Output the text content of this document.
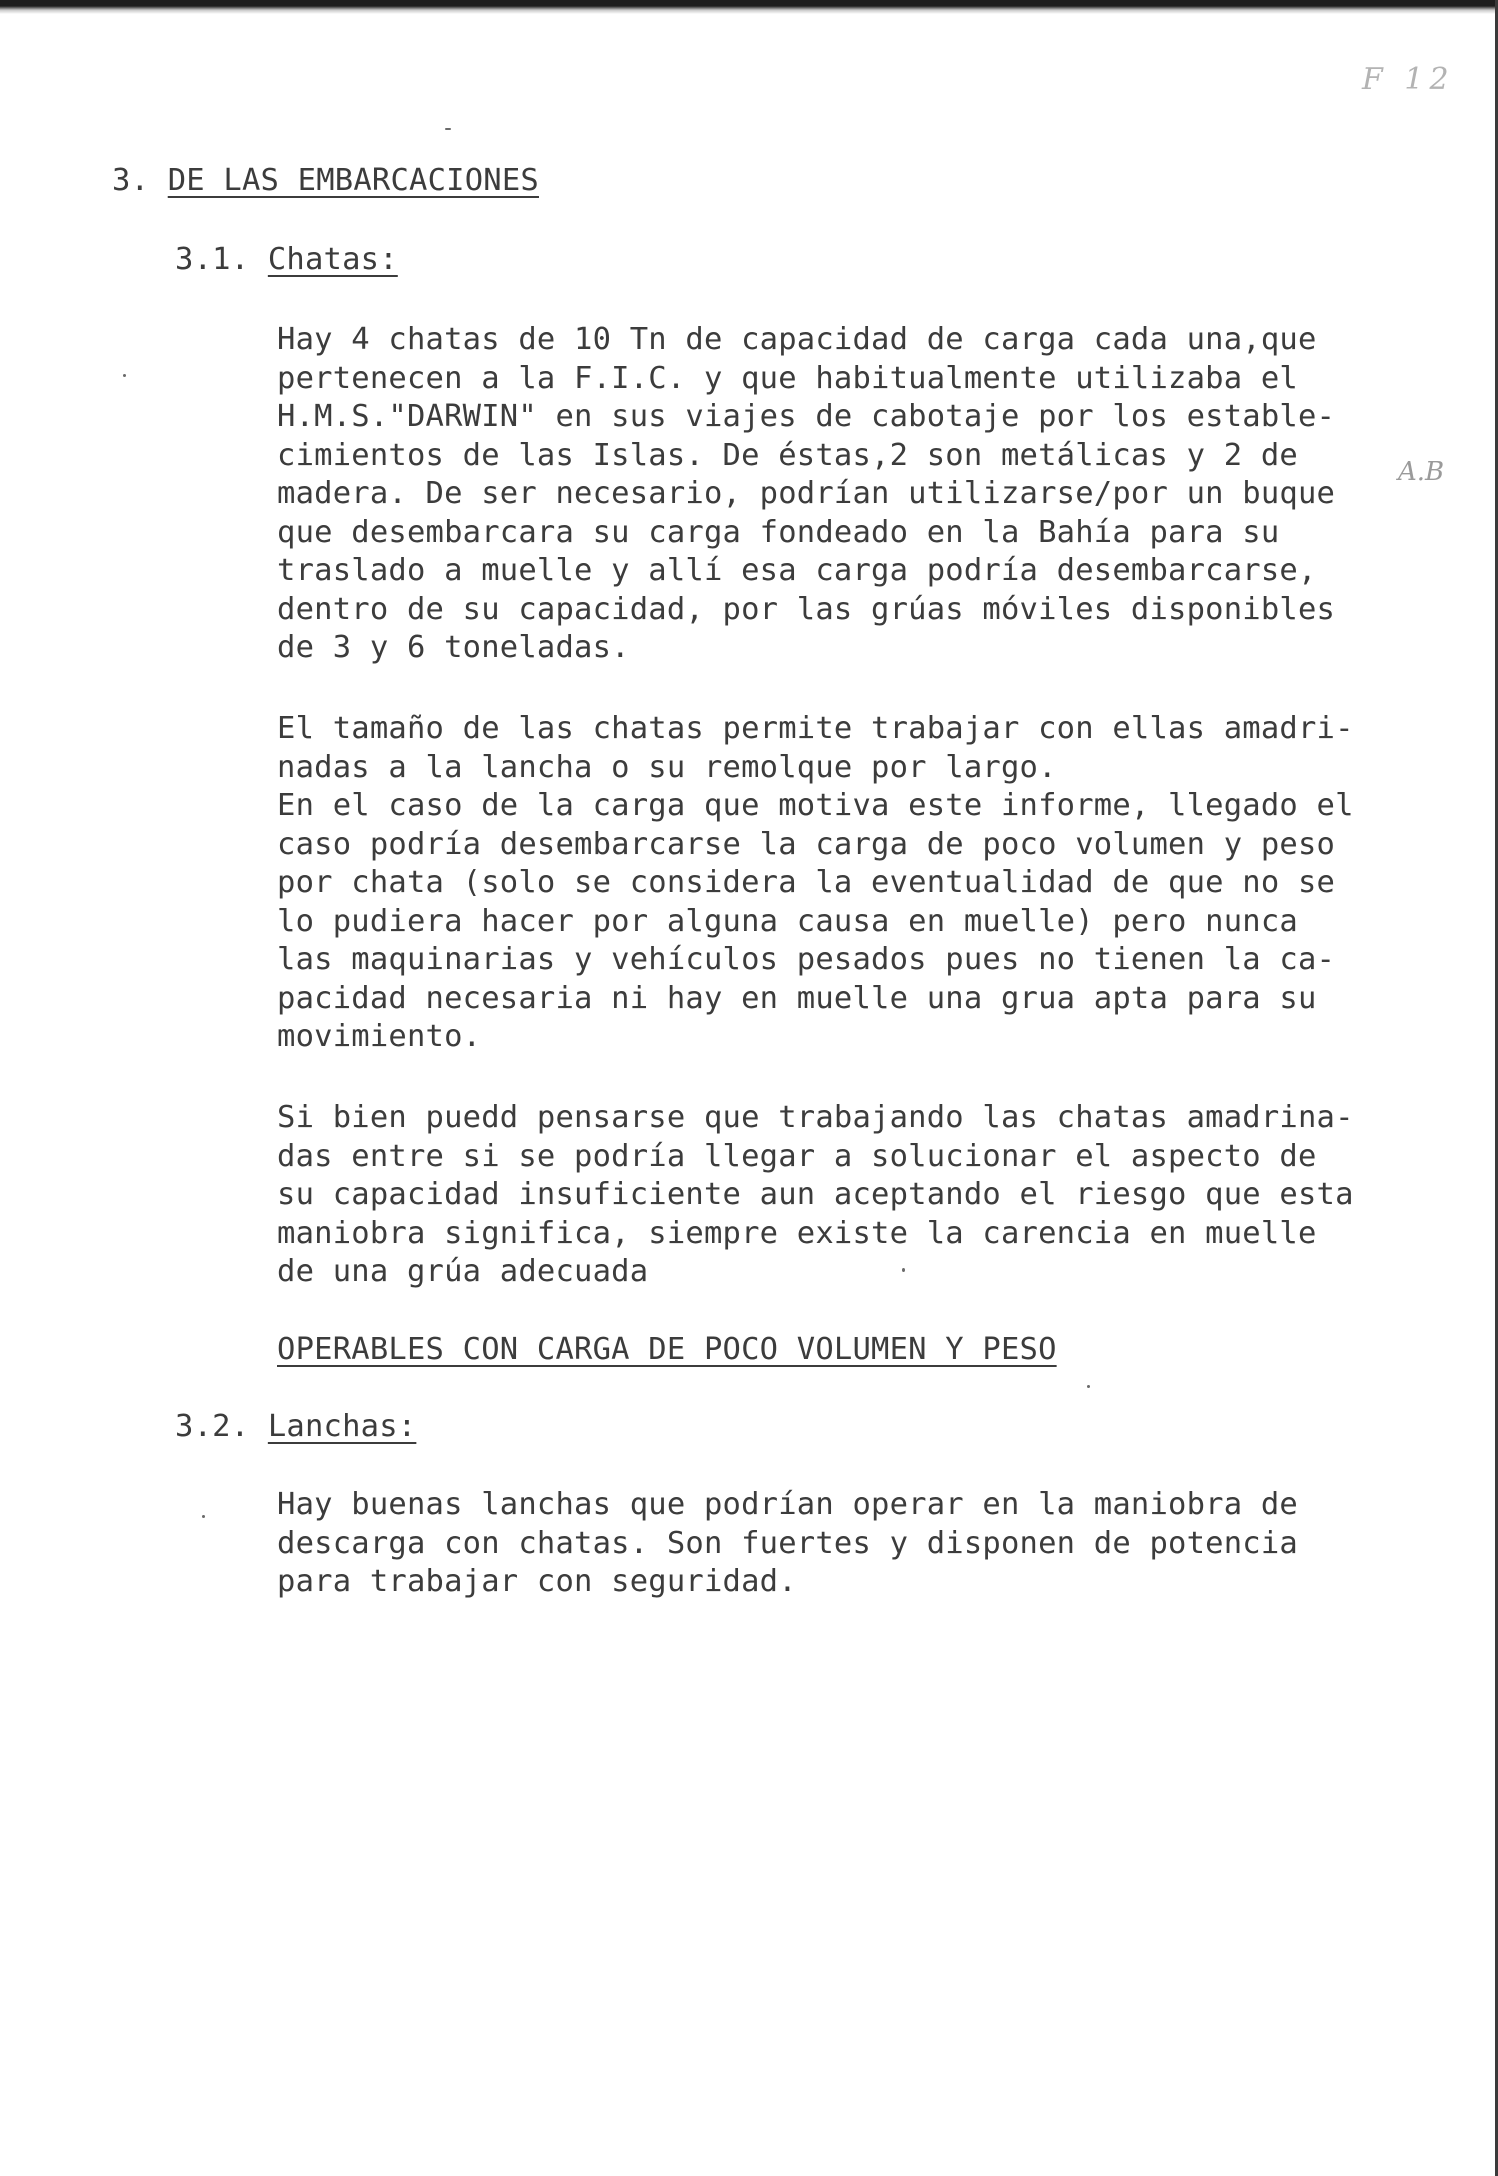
F 12
3. DE LAS EMBARCACIONES
3.1. Chatas:
Hay 4 chatas de 10 Tn de capacidad de carga cada una,que
pertenecen a la F.I.C. y que habitualmente utilizaba el
H.M.S."DARWIN" en sus viajes de cabotaje por los estable-
cimientos de las Islas. De éstas,2 son metálicas y 2 de
madera. De ser necesario, podrían utilizarse/por un buque
que desembarcara su carga fondeado en la Bahía para su
traslado a muelle y allí esa carga podría desembarcarse,
dentro de su capacidad, por las grúas móviles disponibles
de 3 y 6 toneladas.
A.B
El tamaño de las chatas permite trabajar con ellas amadri-
nadas a la lancha o su remolque por largo.
En el caso de la carga que motiva este informe, llegado el
caso podría desembarcarse la carga de poco volumen y peso
por chata (solo se considera la eventualidad de que no se
lo pudiera hacer por alguna causa en muelle) pero nunca
las maquinarias y vehículos pesados pues no tienen la ca-
pacidad necesaria ni hay en muelle una grua apta para su
movimiento.
Si bien puedd pensarse que trabajando las chatas amadrina-
das entre si se podría llegar a solucionar el aspecto de
su capacidad insuficiente aun aceptando el riesgo que esta
maniobra significa, siempre existe la carencia en muelle
de una grúa adecuada
OPERABLES CON CARGA DE POCO VOLUMEN Y PESO
3.2. Lanchas:
Hay buenas lanchas que podrían operar en la maniobra de
descarga con chatas. Son fuertes y disponen de potencia
para trabajar con seguridad.
